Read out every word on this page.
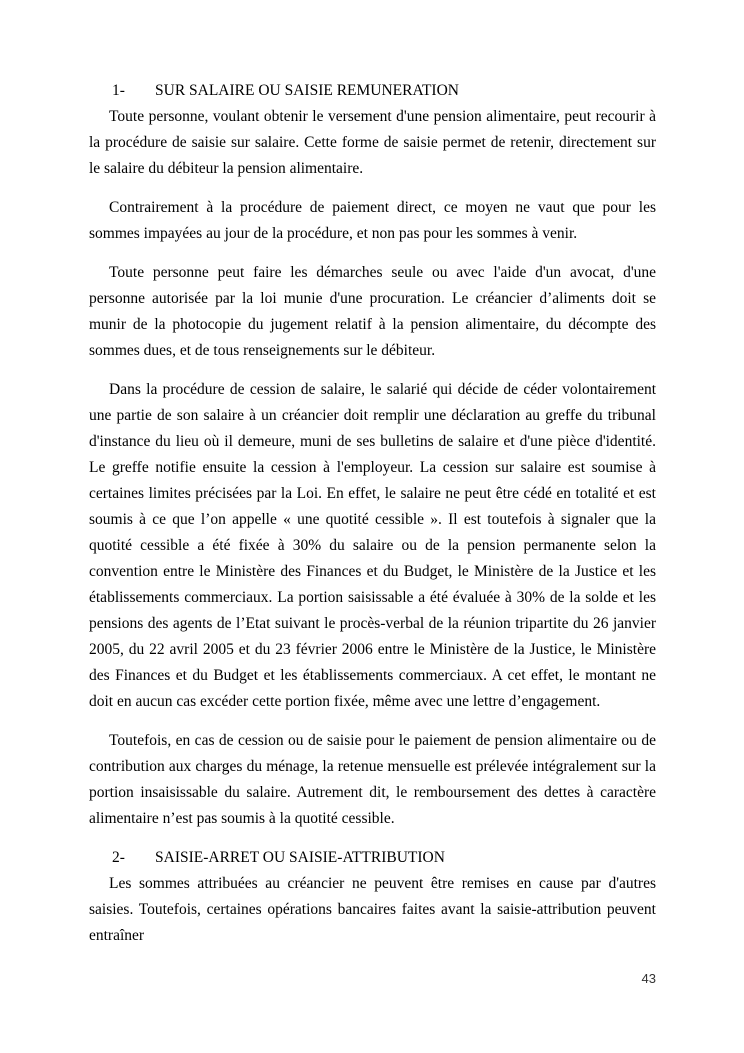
1- SUR SALAIRE OU SAISIE REMUNERATION

Toute personne, voulant obtenir le versement d'une pension alimentaire, peut recourir à la procédure de saisie sur salaire. Cette forme de saisie permet de retenir, directement sur le salaire du débiteur la pension alimentaire.

Contrairement à la procédure de paiement direct, ce moyen ne vaut que pour les sommes impayées au jour de la procédure, et non pas pour les sommes à venir.

Toute personne peut faire les démarches seule ou avec l'aide d'un avocat, d'une personne autorisée par la loi munie d'une procuration. Le créancier d’aliments doit se munir de la photocopie du jugement relatif à la pension alimentaire, du décompte des sommes dues, et de tous renseignements sur le débiteur.

Dans la procédure de cession de salaire, le salarié qui décide de céder volontairement une partie de son salaire à un créancier doit remplir une déclaration au greffe du tribunal d'instance du lieu où il demeure, muni de ses bulletins de salaire et d'une pièce d'identité. Le greffe notifie ensuite la cession à l'employeur. La cession sur salaire est soumise à certaines limites précisées par la Loi. En effet, le salaire ne peut être cédé en totalité et est soumis à ce que l’on appelle « une quotité cessible ». Il est toutefois à signaler que la quotité cessible a été fixée à 30% du salaire ou de la pension permanente selon la convention entre le Ministère des Finances et du Budget, le Ministère de la Justice et les établissements commerciaux. La portion saisissable a été évaluée à 30% de la solde et les pensions des agents de l’Etat suivant le procès-verbal de la réunion tripartite du 26 janvier 2005, du 22 avril 2005 et du 23 février 2006 entre le Ministère de la Justice, le Ministère des Finances et du Budget et les établissements commerciaux. A cet effet, le montant ne doit en aucun cas excéder cette portion fixée, même avec une lettre d’engagement.

Toutefois, en cas de cession ou de saisie pour le paiement de pension alimentaire ou de contribution aux charges du ménage, la retenue mensuelle est prélevée intégralement sur la portion insaisissable du salaire. Autrement dit, le remboursement des dettes à caractère alimentaire n’est pas soumis à la quotité cessible.

2- SAISIE-ARRET OU SAISIE-ATTRIBUTION

Les sommes attribuées au créancier ne peuvent être remises en cause par d'autres saisies. Toutefois, certaines opérations bancaires faites avant la saisie-attribution peuvent entraîner

43
